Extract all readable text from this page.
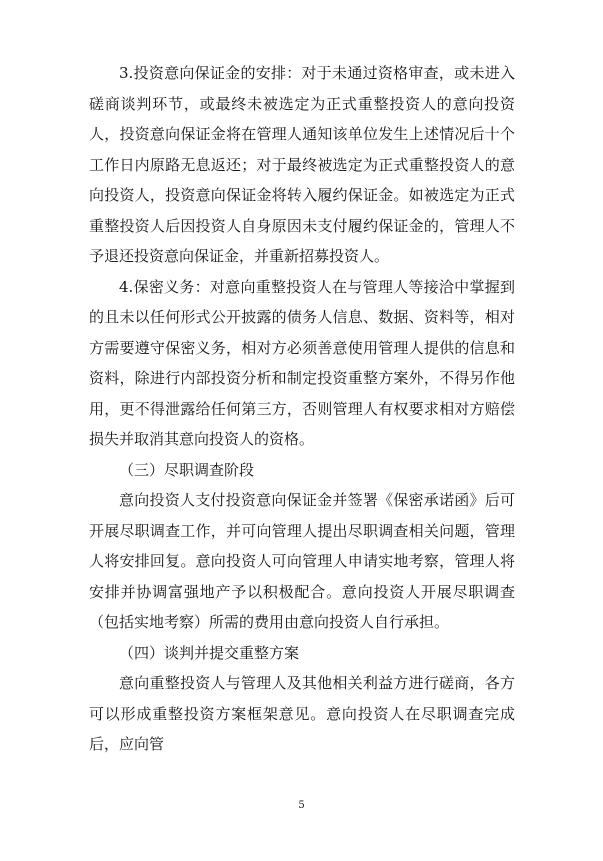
3.投资意向保证金的安排：对于未通过资格审查，或未进入磋商谈判环节，或最终未被选定为正式重整投资人的意向投资人，投资意向保证金将在管理人通知该单位发生上述情况后十个工作日内原路无息返还；对于最终被选定为正式重整投资人的意向投资人，投资意向保证金将转入履约保证金。如被选定为正式重整投资人后因投资人自身原因未支付履约保证金的，管理人不予退还投资意向保证金，并重新招募投资人。

4.保密义务：对意向重整投资人在与管理人等接洽中掌握到的且未以任何形式公开披露的债务人信息、数据、资料等，相对方需要遵守保密义务，相对方必须善意使用管理人提供的信息和资料，除进行内部投资分析和制定投资重整方案外，不得另作他用，更不得泄露给任何第三方，否则管理人有权要求相对方赔偿损失并取消其意向投资人的资格。

（三）尽职调查阶段

意向投资人支付投资意向保证金并签署《保密承诺函》后可开展尽职调查工作，并可向管理人提出尽职调查相关问题，管理人将安排回复。意向投资人可向管理人申请实地考察，管理人将安排并协调富强地产予以积极配合。意向投资人开展尽职调查（包括实地考察）所需的费用由意向投资人自行承担。

（四）谈判并提交重整方案

意向重整投资人与管理人及其他相关利益方进行磋商，各方可以形成重整投资方案框架意见。意向投资人在尽职调查完成后，应向管

5
